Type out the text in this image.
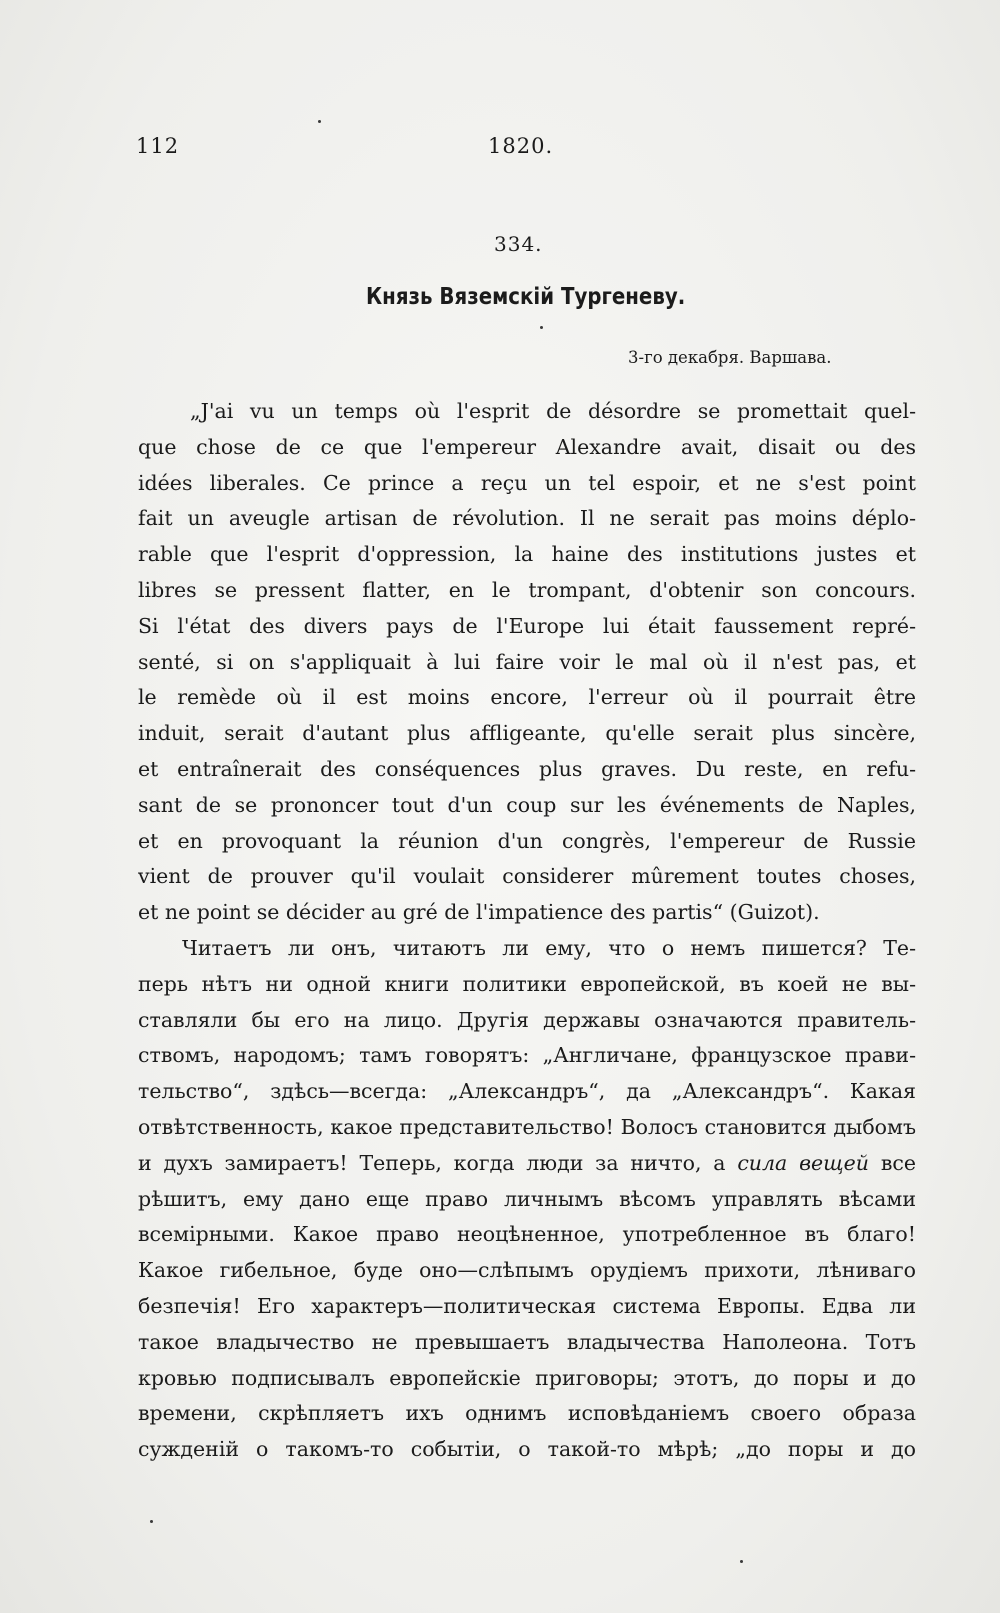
112	1820.
334.
Князь Вяземскій Тургеневу.
3-го декабря. Варшава.
„J'ai vu un temps où l'esprit de désordre se promettait quel-
que chose de ce que l'empereur Alexandre avait, disait ou des
idées liberales. Ce prince a reçu un tel espoir, et ne s'est point
fait un aveugle artisan de révolution. Il ne serait pas moins déplo-
rable que l'esprit d'oppression, la haine des institutions justes et
libres se pressent flatter, en le trompant, d'obtenir son concours.
Si l'état des divers pays de l'Europe lui était faussement repré-
senté, si on s'appliquait à lui faire voir le mal où il n'est pas, et
le remède où il est moins encore, l'erreur où il pourrait être
induit, serait d'autant plus affligeante, qu'elle serait plus sincère,
et entraînerait des conséquences plus graves. Du reste, en refu-
sant de se prononcer tout d'un coup sur les événements de Naples,
et en provoquant la réunion d'un congrès, l'empereur de Russie
vient de prouver qu'il voulait considerer mûrement toutes choses,
et ne point se décider au gré de l'impatience des partis“ (Guizot).
Читаетъ ли онъ, читаютъ ли ему, что о немъ пишется? Те-
перь нѣтъ ни одной книги политики европейской, въ коей не вы-
ставляли бы его на лицо. Другія державы означаются правитель-
ствомъ, народомъ; тамъ говорятъ: „Англичане, французское прави-
тельство“, здѣсь—всегда: „Александръ“, да „Александръ“. Какая
отвѣтственность, какое представительство! Волосъ становится дыбомъ
и духъ замираетъ! Теперь, когда люди за ничто, а сила вещей все
рѣшитъ, ему дано еще право личнымъ вѣсомъ управлять вѣсами
всемірными. Какое право неоцѣненное, употребленное въ благо!
Какое гибельное, буде оно—слѣпымъ орудіемъ прихоти, лѣниваго
безпечія! Его характеръ—политическая система Европы. Едва ли
такое владычество не превышаетъ владычества Наполеона. Тотъ
кровью подписывалъ европейскіе приговоры; этотъ, до поры и до
времени, скрѣпляетъ ихъ однимъ исповѣданіемъ своего образа
сужденій о такомъ-то событіи, о такой-то мѣрѣ; „до поры и до
